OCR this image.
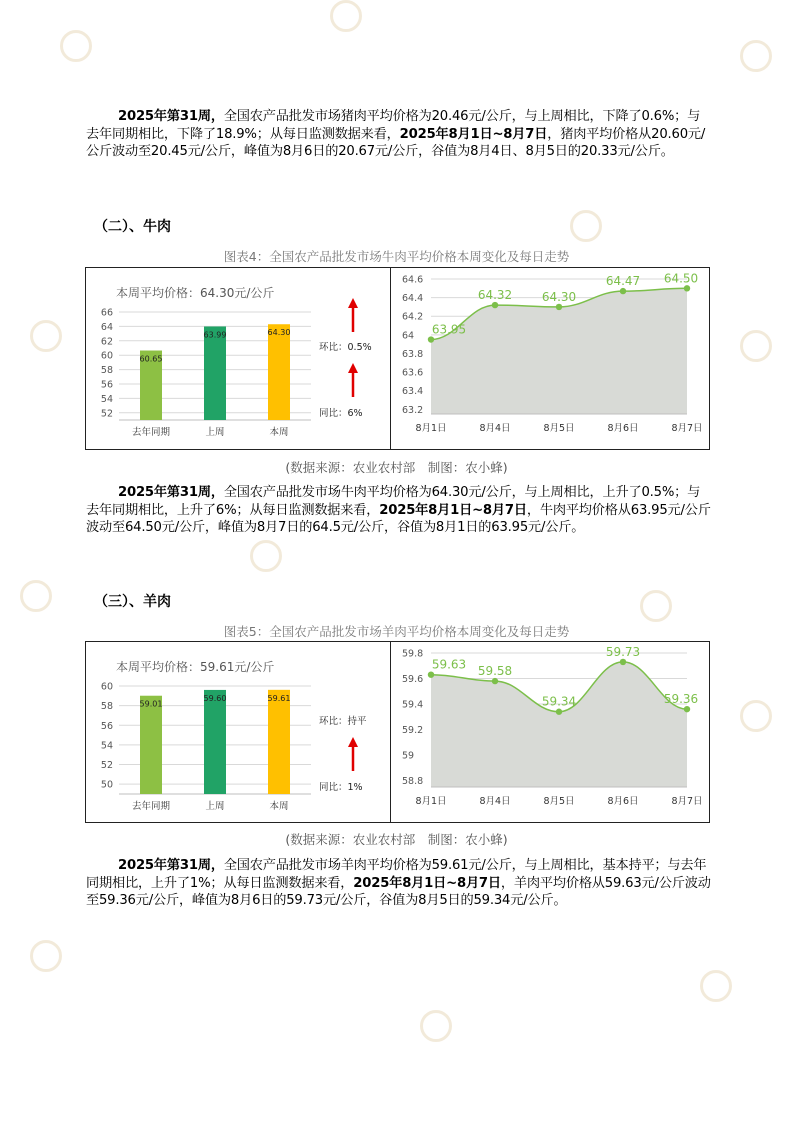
2025年第31周，全国农产品批发市场猪肉平均价格为20.46元/公斤，与上周相比，下降了0.6%；与去年同期相比，下降了18.9%；从每日监测数据来看，2025年8月1日~8月7日，猪肉平均价格从20.60元/公斤波动至20.45元/公斤，峰值为8月6日的20.67元/公斤，谷值为8月4日、8月5日的20.33元/公斤。

（二）、牛肉
图表4：全国农产品批发市场牛肉平均价格本周变化及每日走势
本周平均价格：64.30元/公斤
52
54
56
58
60
62
64
66
60.65
去年同期
63.99
上周
64.30
本周
环比：0.5%
同比：6%	63.2
63.4
63.6
63.8
64
64.2
64.4
64.6
63.95
8月1日
64.32
8月4日
64.30
8月5日
64.47
8月6日
64.50
8月7日
(数据来源：农业农村部　制图：农小蜂)

2025年第31周，全国农产品批发市场牛肉平均价格为64.30元/公斤，与上周相比，上升了0.5%；与去年同期相比，上升了6%；从每日监测数据来看，2025年8月1日~8月7日，牛肉平均价格从63.95元/公斤波动至64.50元/公斤，峰值为8月7日的64.5元/公斤，谷值为8月1日的63.95元/公斤。

（三）、羊肉
图表5：全国农产品批发市场羊肉平均价格本周变化及每日走势
本周平均价格：59.61元/公斤
50
52
54
56
58
60
59.01
去年同期
59.60
上周
59.61
本周
环比：持平
同比：1%
58.8
59
59.2
59.4
59.6
59.8
59.63
8月1日
59.58
8月4日
59.34
8月5日
59.73
8月6日
59.36
8月7日
(数据来源：农业农村部　制图：农小蜂)

2025年第31周，全国农产品批发市场羊肉平均价格为59.61元/公斤，与上周相比，基本持平；与去年同期相比，上升了1%；从每日监测数据来看，2025年8月1日~8月7日，羊肉平均价格从59.63元/公斤波动至59.36元/公斤，峰值为8月6日的59.73元/公斤，谷值为8月5日的59.34元/公斤。
